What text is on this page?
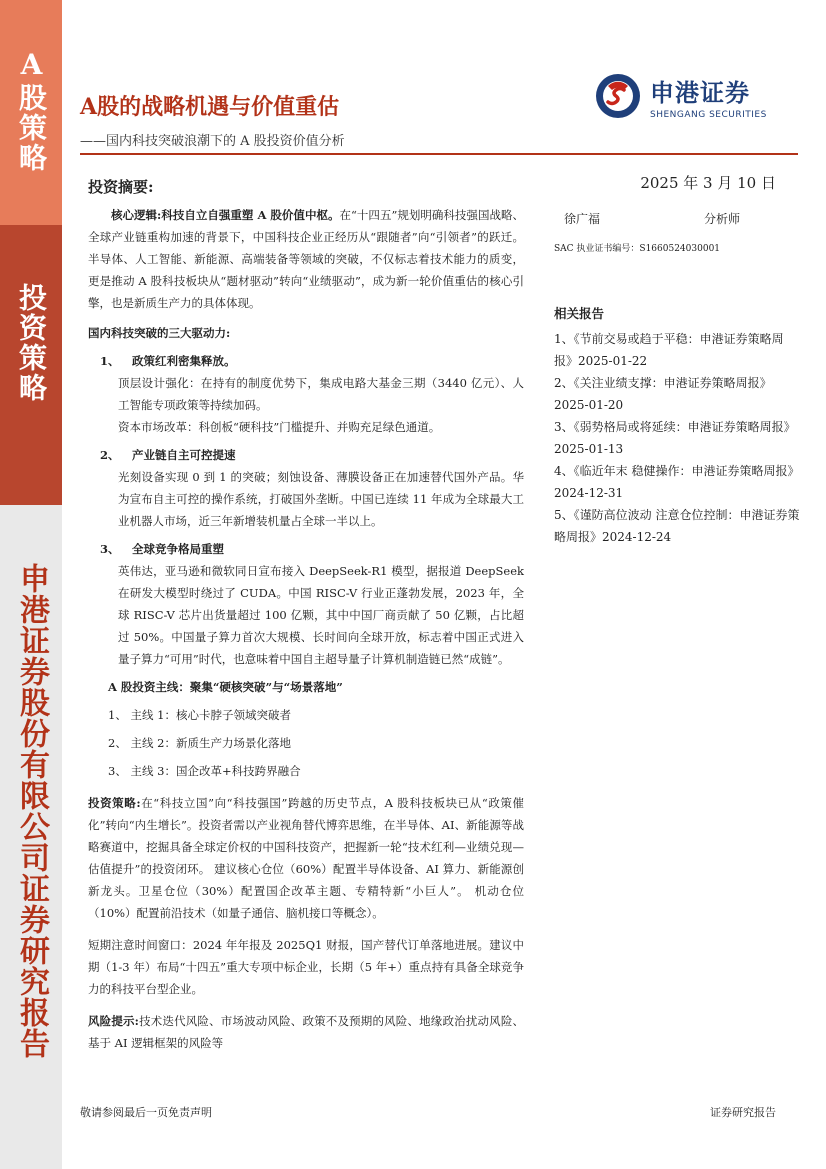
A股策略
投资策略
申港证券股份有限公司证券研究报告
A股的战略机遇与价值重估
——国内科技突破浪潮下的 A 股投资价值分析
申港证券
SHENGANG SECURITIES
投资摘要:	2025 年 3 月 10 日

核心逻辑:科技自立自强重塑 A 股价值中枢。在“十四五”规划明确科技强国战略、全球产业链重构加速的背景下，中国科技企业正经历从“跟随者”向“引领者”的跃迁。半导体、人工智能、新能源、高端装备等领域的突破，不仅标志着技术能力的质变，更是推动 A 股科技板块从“题材驱动”转向“业绩驱动”，成为新一轮价值重估的核心引擎，也是新质生产力的具体体现。

国内科技突破的三大驱动力:

1、	政策红利密集释放。

顶层设计强化：在持有的制度优势下，集成电路大基金三期（3440 亿元）、人工智能专项政策等持续加码。

资本市场改革：科创板“硬科技”门槛提升、并购充足绿色通道。

2、	产业链自主可控提速

光刻设备实现 0 到 1 的突破；刻蚀设备、薄膜设备正在加速替代国外产品。华为宣布自主可控的操作系统，打破国外垄断。中国已连续 11 年成为全球最大工业机器人市场，近三年新增装机量占全球一半以上。

3、	全球竞争格局重塑

英伟达，亚马逊和微软同日宣布接入 DeepSeek-R1 模型，据报道 DeepSeek 在研发大模型时绕过了 CUDA。中国 RISC-V 行业正蓬勃发展，2023 年，全球 RISC-V 芯片出货量超过 100 亿颗，其中中国厂商贡献了 50 亿颗，占比超过 50%。中国量子算力首次大规模、长时间向全球开放，标志着中国正式进入量子算力“可用”时代，也意味着中国自主超导量子计算机制造链已然“成链”。

A 股投资主线：聚集“硬核突破”与“场景落地”

1、 主线 1：核心卡脖子领域突破者

2、 主线 2：新质生产力场景化落地

3、 主线 3：国企改革+科技跨界融合

投资策略:在“科技立国”向“科技强国”跨越的历史节点，A 股科技板块已从“政策催化”转向“内生增长”。投资者需以产业视角替代博弈思维，在半导体、AI、新能源等战略赛道中，挖掘具备全球定价权的中国科技资产，把握新一轮“技术红利—业绩兑现—估值提升”的投资闭环。 建议核心仓位（60%）配置半导体设备、AI 算力、新能源创新龙头。卫星仓位（30%）配置国企改革主题、专精特新“小巨人”。 机动仓位（10%）配置前沿技术（如量子通信、脑机接口等概念）。

短期注意时间窗口：2024 年年报及 2025Q1 财报，国产替代订单落地进展。建议中期（1-3 年）布局“十四五”重大专项中标企业，长期（5 年+）重点持有具备全球竞争力的科技平台型企业。

风险提示:技术迭代风险、市场波动风险、政策不及预期的风险、地缘政治扰动风险、基于 AI 逻辑框架的风险等

徐广福	分析师
SAC 执业证书编号：S1660524030001
相关报告
1、《节前交易或趋于平稳：申港证券策略周报》2025-01-22
2、《关注业绩支撑：申港证券策略周报》2025-01-20
3、《弱势格局或将延续：申港证券策略周报》2025-01-13
4、《临近年末 稳健操作：申港证券策略周报》2024-12-31
5、《谨防高位波动 注意仓位控制：申港证券策略周报》2024-12-24
敬请参阅最后一页免责声明	证券研究报告
